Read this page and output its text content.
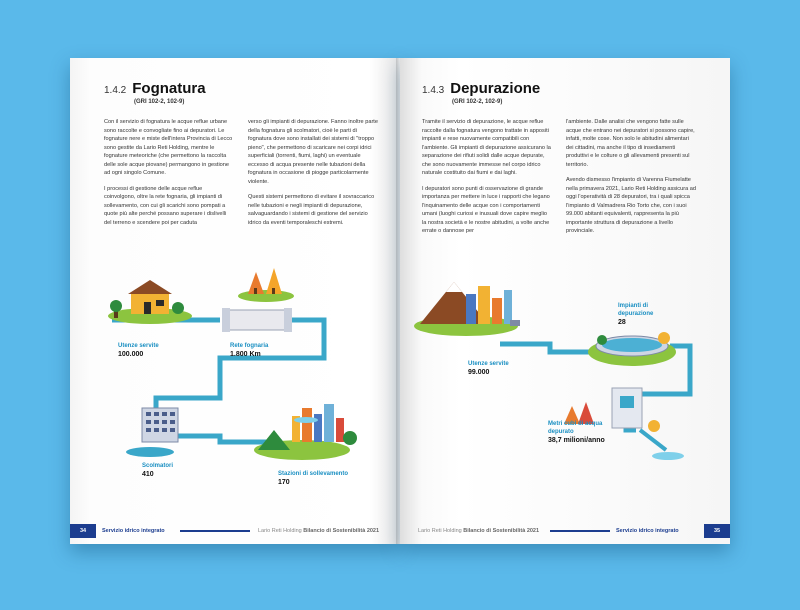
1.4.2 Fognatura
(GRI 102-2, 102-9)

Con il servizio di fognatura le acque reflue urbane sono raccolte e convogliate fino ai depuratori. Le fognature nere e miste dell'intera Provincia di Lecco sono gestite da Lario Reti Holding, mentre le fognature meteoriche (che permettono la raccolta delle sole acque piovane) permangono in gestione ad ogni singolo Comune.

I processi di gestione delle acque reflue coinvolgono, oltre la rete fognaria, gli impianti di sollevamento, con cui gli scarichi sono pompati a quote più alte perché possano superare i dislivelli del terreno e scendere poi per caduta

verso gli impianti di depurazione. Fanno inoltre parte della fognatura gli scolmatori, cioè le parti di fognatura dove sono installati dei sistemi di "troppo pieno", che permettono di scaricare nei corpi idrici superficiali (torrenti, fiumi, laghi) un eventuale eccesso di acqua presente nelle tubazioni della fognatura in occasione di piogge particolarmente violente.

Questi sistemi permettono di evitare il sovraccarico nelle tubazioni e negli impianti di depurazione, salvaguardando i sistemi di gestione del servizio idrico da eventi temporaleschi estremi.

Utenze servite
100.000
Rete fognaria
1.800 Km
Scolmatori
410	Stazioni di sollevamento
170
34	Servizio idrico integrato	Lario Reti Holding Bilancio di Sostenibilità 2021
1.4.3 Depurazione
(GRI 102-2, 102-9)

Tramite il servizio di depurazione, le acque reflue raccolte dalla fognatura vengono trattate in appositi impianti e rese nuovamente compatibili con l'ambiente. Gli impianti di depurazione assicurano la separazione dei rifiuti solidi dalle acque depurate, che sono nuovamente immesse nel corpo idrico naturale costituito dai fiumi e dai laghi.

I depuratori sono punti di osservazione di grande importanza per mettere in luce i rapporti che legano l'inquinamento delle acque con i comportamenti umani (luoghi curiosi e inusuali dove capire meglio la nostra società e le nostre abitudini, a volte anche errate o dannose per

l'ambiente. Dalle analisi che vengono fatte sulle acque che entrano nei depuratori si possono capire, infatti, molte cose. Non solo le abitudini alimentari dei cittadini, ma anche il tipo di insediamenti produttivi e le colture o gli allevamenti presenti sul territorio.

Avendo dismesso l'impianto di Varenna Fiumelatte nella primavera 2021, Lario Reti Holding assicura ad oggi l'operatività di 28 depuratori, tra i quali spicca l'impianto di Valmadrera Rio Torto che, con i suoi 99.000 abitanti equivalenti, rappresenta la più importante struttura di depurazione a livello provinciale.

Utenze servite
99.000
Impianti di depurazione
28
Metri cubi di acqua depurato
38,7 milioni/anno
Lario Reti Holding Bilancio di Sostenibilità 2021	Servizio idrico integrato	35
